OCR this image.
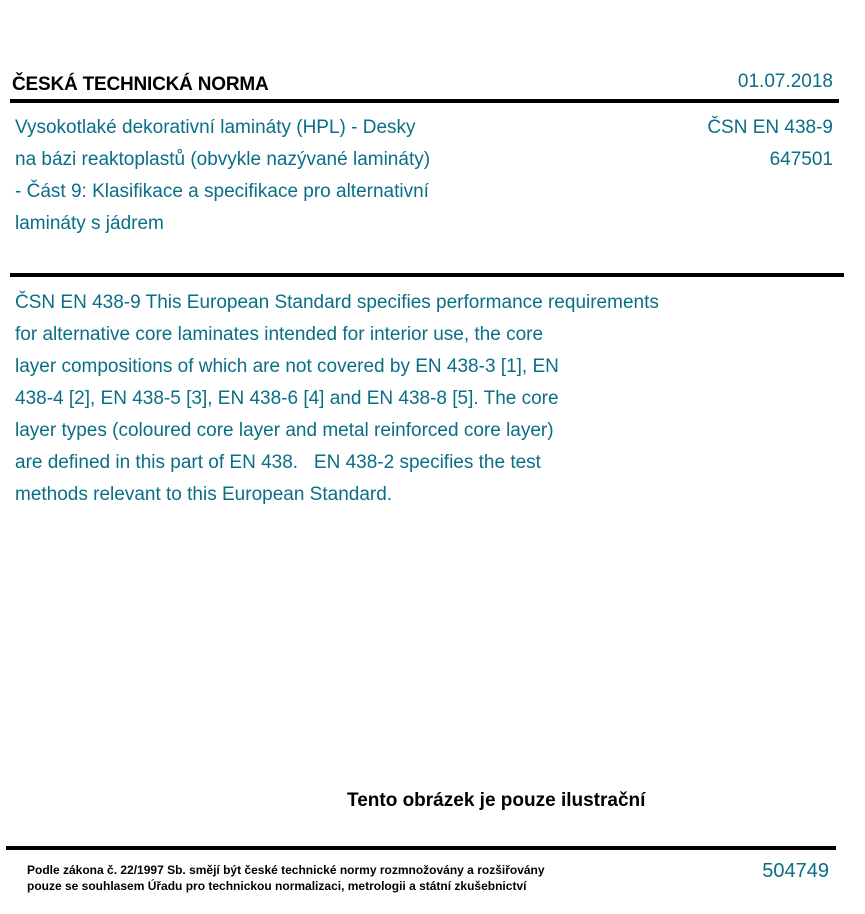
ČESKÁ TECHNICKÁ NORMA	01.07.2018
Vysokotlaké dekorativní lamináty (HPL) - Desky
na bázi reaktoplastů (obvykle nazývané lamináty)
- Část 9: Klasifikace a specifikace pro alternativní
lamináty s jádrem
ČSN EN 438-9
647501
ČSN EN 438-9 This European Standard specifies performance requirements
for alternative core laminates intended for interior use, the core
layer compositions of which are not covered by EN 438-3 [1], EN
438-4 [2], EN 438-5 [3], EN 438-6 [4] and EN 438-8 [5]. The core
layer types (coloured core layer and metal reinforced core layer)
are defined in this part of EN 438.   EN 438-2 specifies the test
methods relevant to this European Standard.
Tento obrázek je pouze ilustrační
Podle zákona č. 22/1997 Sb. smějí být české technické normy rozmnožovány a rozšiřovány
pouze se souhlasem Úřadu pro technickou normalizaci, metrologii a státní zkušebnictví
504749
